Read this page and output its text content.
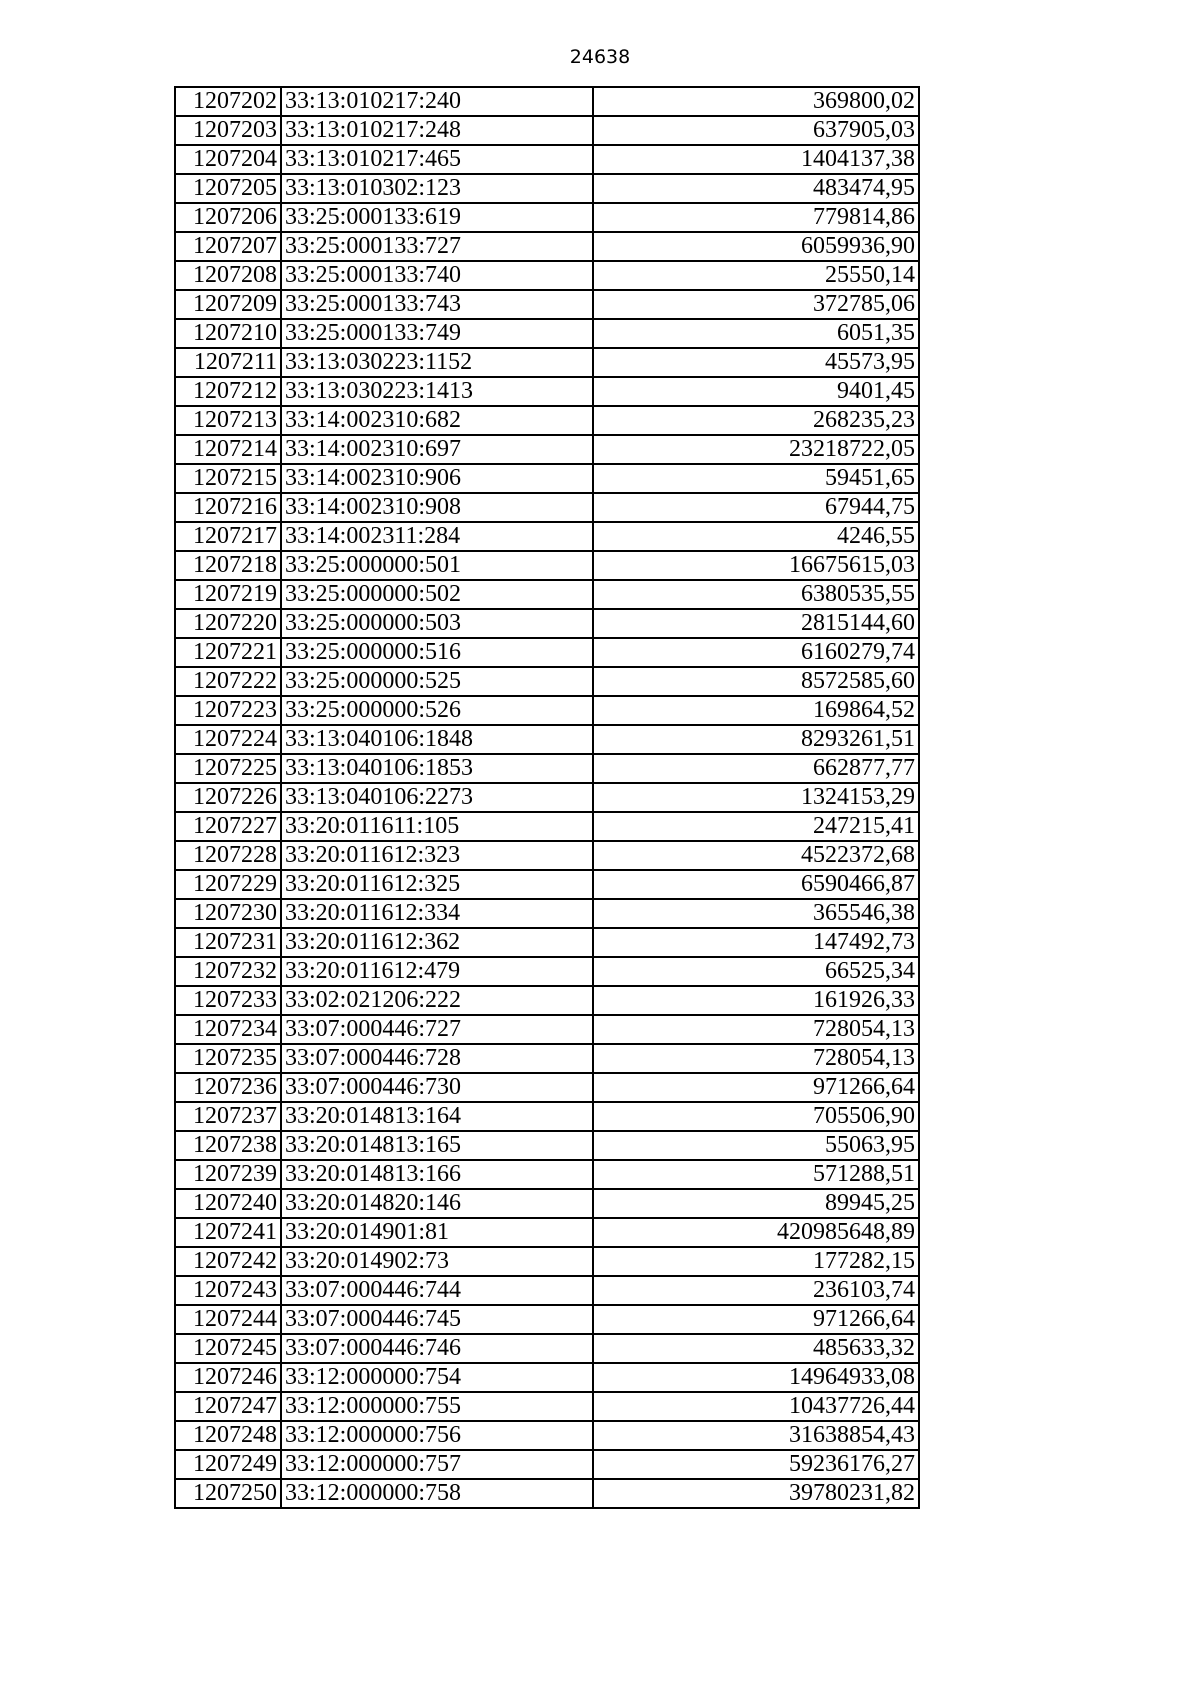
24638
1207202	33:13:010217:240	369800,02
1207203	33:13:010217:248	637905,03
1207204	33:13:010217:465	1404137,38
1207205	33:13:010302:123	483474,95
1207206	33:25:000133:619	779814,86
1207207	33:25:000133:727	6059936,90
1207208	33:25:000133:740	25550,14
1207209	33:25:000133:743	372785,06
1207210	33:25:000133:749	6051,35
1207211	33:13:030223:1152	45573,95
1207212	33:13:030223:1413	9401,45
1207213	33:14:002310:682	268235,23
1207214	33:14:002310:697	23218722,05
1207215	33:14:002310:906	59451,65
1207216	33:14:002310:908	67944,75
1207217	33:14:002311:284	4246,55
1207218	33:25:000000:501	16675615,03
1207219	33:25:000000:502	6380535,55
1207220	33:25:000000:503	2815144,60
1207221	33:25:000000:516	6160279,74
1207222	33:25:000000:525	8572585,60
1207223	33:25:000000:526	169864,52
1207224	33:13:040106:1848	8293261,51
1207225	33:13:040106:1853	662877,77
1207226	33:13:040106:2273	1324153,29
1207227	33:20:011611:105	247215,41
1207228	33:20:011612:323	4522372,68
1207229	33:20:011612:325	6590466,87
1207230	33:20:011612:334	365546,38
1207231	33:20:011612:362	147492,73
1207232	33:20:011612:479	66525,34
1207233	33:02:021206:222	161926,33
1207234	33:07:000446:727	728054,13
1207235	33:07:000446:728	728054,13
1207236	33:07:000446:730	971266,64
1207237	33:20:014813:164	705506,90
1207238	33:20:014813:165	55063,95
1207239	33:20:014813:166	571288,51
1207240	33:20:014820:146	89945,25
1207241	33:20:014901:81	420985648,89
1207242	33:20:014902:73	177282,15
1207243	33:07:000446:744	236103,74
1207244	33:07:000446:745	971266,64
1207245	33:07:000446:746	485633,32
1207246	33:12:000000:754	14964933,08
1207247	33:12:000000:755	10437726,44
1207248	33:12:000000:756	31638854,43
1207249	33:12:000000:757	59236176,27
1207250	33:12:000000:758	39780231,82
